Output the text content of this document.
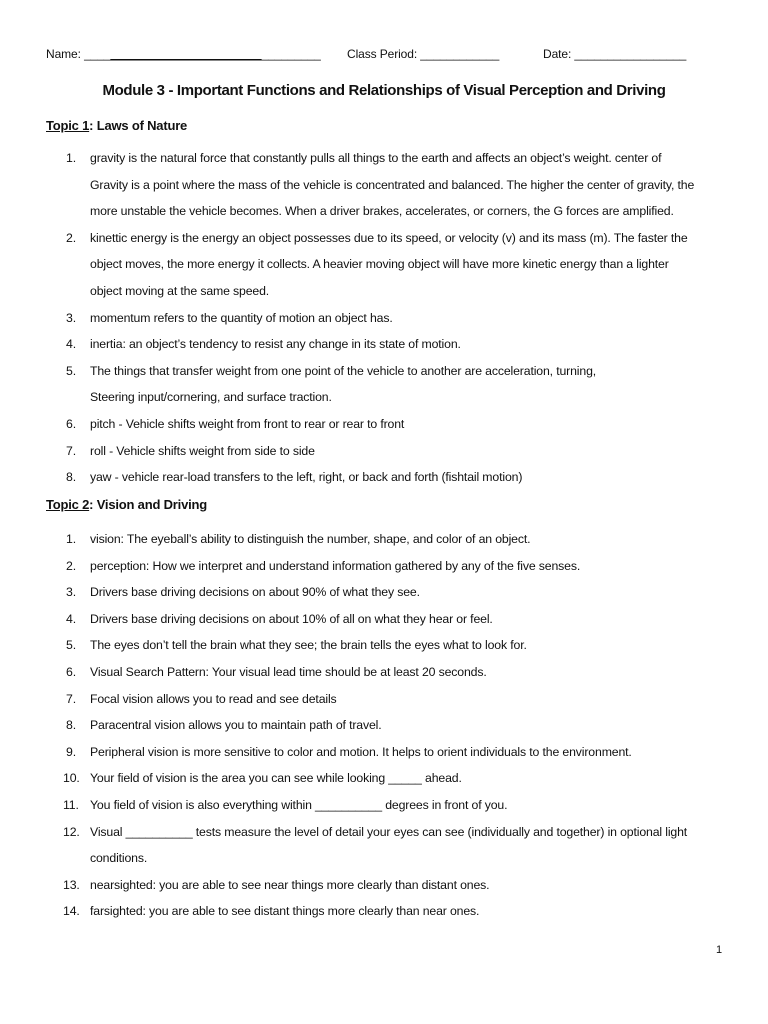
Name: ____________________________________ Class Period: ____________	Date: _________________
Module 3 - Important Functions and Relationships of Visual Perception and Driving
Topic 1: Laws of Nature
1.	gravity is the natural force that constantly pulls all things to the earth and affects an object’s weight. center of
Gravity is a point where the mass of the vehicle is concentrated and balanced. The higher the center of gravity, the
more unstable the vehicle becomes. When a driver brakes, accelerates, or corners, the G forces are amplified.
2.	kinettic energy is the energy an object possesses due to its speed, or velocity (v) and its mass (m). The faster the
object moves, the more energy it collects. A heavier moving object will have more kinetic energy than a lighter
object moving at the same speed.
3.	momentum refers to the quantity of motion an object has.
4.	inertia: an object’s tendency to resist any change in its state of motion.
5.	The things that transfer weight from one point of the vehicle to another are acceleration, turning,
Steering input/cornering, and surface traction.
6.	pitch - Vehicle shifts weight from front to rear or rear to front
7.	roll - Vehicle shifts weight from side to side
8.	yaw - vehicle rear-load transfers to the left, right, or back and forth (fishtail motion)
Topic 2: Vision and Driving
1.	vision: The eyeball’s ability to distinguish the number, shape, and color of an object.
2.	perception: How we interpret and understand information gathered by any of the five senses.
3.	Drivers base driving decisions on about 90% of what they see.
4.	Drivers base driving decisions on about 10% of all on what they hear or feel.
5.	The eyes don’t tell the brain what they see; the brain tells the eyes what to look for.
6.	Visual Search Pattern: Your visual lead time should be at least 20 seconds.
7.	Focal vision allows you to read and see details
8.	Paracentral vision allows you to maintain path of travel.
9.	Peripheral vision is more sensitive to color and motion. It helps to orient individuals to the environment.
10. Your field of vision is the area you can see while looking _____ ahead.
11. You field of vision is also everything within __________ degrees in front of you.
12. Visual __________ tests measure the level of detail your eyes can see (individually and together) in optional light
conditions.
13. nearsighted: you are able to see near things more clearly than distant ones.
14. farsighted: you are able to see distant things more clearly than near ones.
1
